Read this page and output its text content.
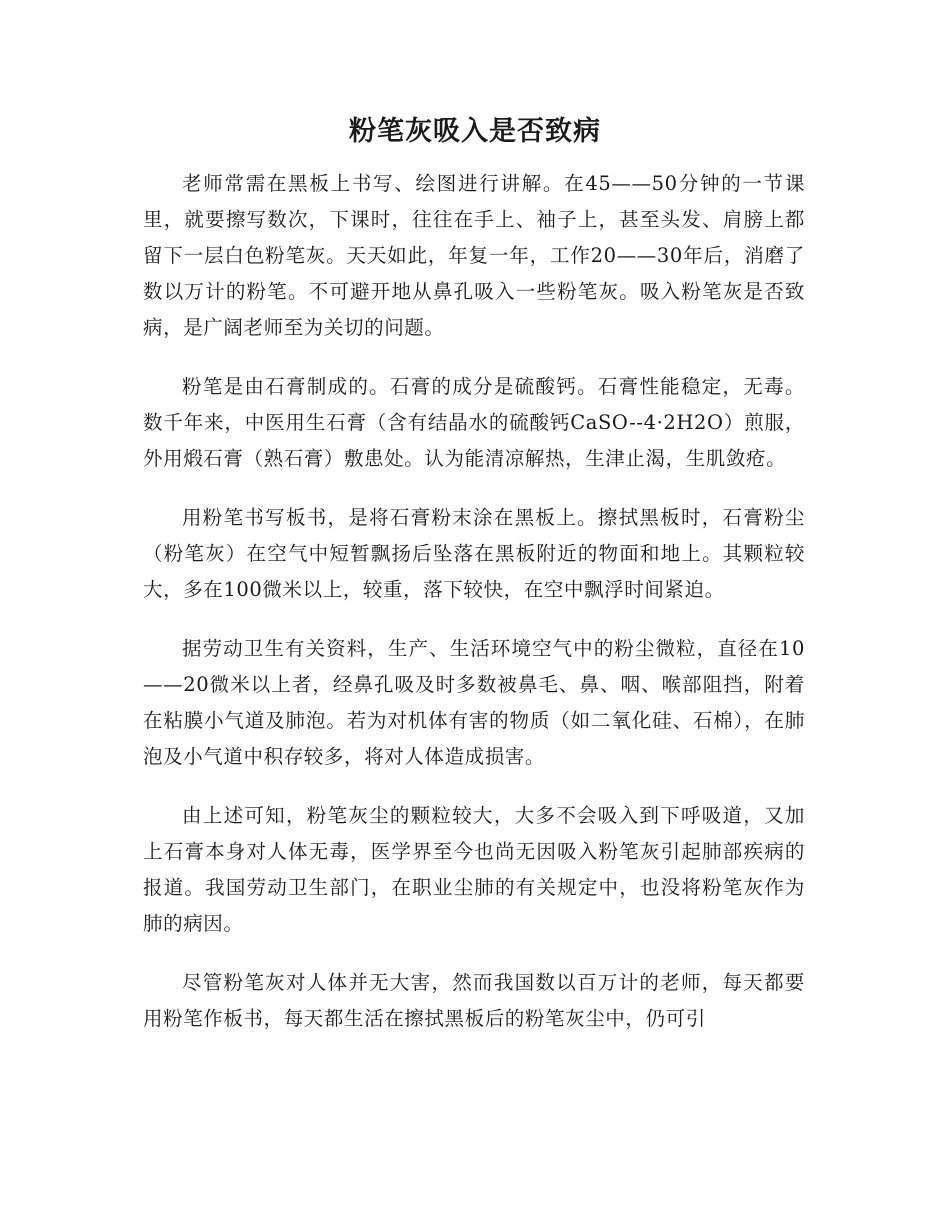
粉笔灰吸入是否致病

老师常需在黑板上书写、绘图进行讲解。在45——50分钟的一节课里，就要擦写数次，下课时，往往在手上、袖子上，甚至头发、肩膀上都留下一层白色粉笔灰。天天如此，年复一年，工作20——30年后，消磨了数以万计的粉笔。不可避开地从鼻孔吸入一些粉笔灰。吸入粉笔灰是否致病，是广阔老师至为关切的问题。

粉笔是由石膏制成的。石膏的成分是硫酸钙。石膏性能稳定，无毒。数千年来，中医用生石膏（含有结晶水的硫酸钙CaSO--4·2H2O）煎服，外用煅石膏（熟石膏）敷患处。认为能清凉解热，生津止渴，生肌敛疮。

用粉笔书写板书，是将石膏粉末涂在黑板上。擦拭黑板时，石膏粉尘（粉笔灰）在空气中短暂飘扬后坠落在黑板附近的物面和地上。其颗粒较大，多在100微米以上，较重，落下较快，在空中飘浮时间紧迫。

据劳动卫生有关资料，生产、生活环境空气中的粉尘微粒，直径在10——20微米以上者，经鼻孔吸及时多数被鼻毛、鼻、咽、喉部阻挡，附着在粘膜小气道及肺泡。若为对机体有害的物质（如二氧化硅、石棉），在肺泡及小气道中积存较多，将对人体造成损害。

由上述可知，粉笔灰尘的颗粒较大，大多不会吸入到下呼吸道，又加上石膏本身对人体无毒，医学界至今也尚无因吸入粉笔灰引起肺部疾病的报道。我国劳动卫生部门，在职业尘肺的有关规定中，也没将粉笔灰作为肺的病因。

尽管粉笔灰对人体并无大害，然而我国数以百万计的老师，每天都要用粉笔作板书，每天都生活在擦拭黑板后的粉笔灰尘中，仍可引
